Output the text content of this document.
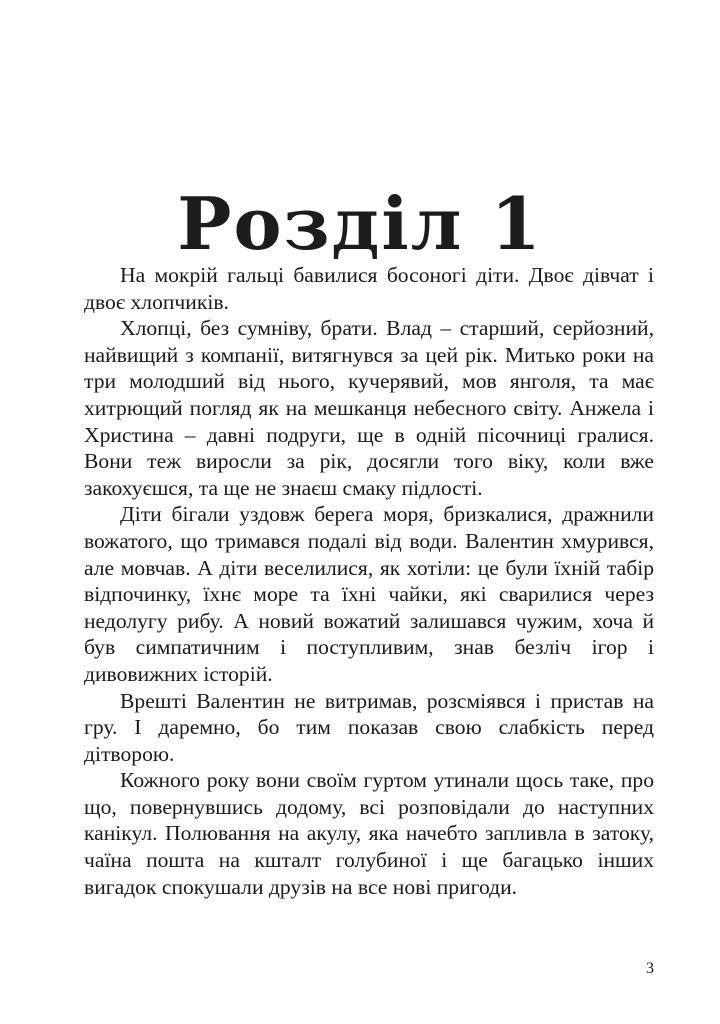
Розділ 1

На мокрій гальці бавилися босоногі діти. Двоє дівчат і двоє хлопчиків.

Хлопці, без сумніву, брати. Влад – старший, серйозний, найвищий з компанії, витягнувся за цей рік. Митько роки на три молодший від нього, кучерявий, мов янголя, та має хитрющий погляд як на мешканця небесного світу. Анжела і Христина – давні подруги, ще в одній пісочниці гралися. Вони теж виросли за рік, досягли того віку, коли вже закохуєшся, та ще не знаєш смаку підлості.

Діти бігали уздовж берега моря, бризкалися, дражнили вожатого, що тримався подалі від води. Валентин хмурився, але мовчав. А діти веселилися, як хотіли: це були їхній табір відпочинку, їхнє море та їхні чайки, які сварилися через недолугу рибу. А новий вожатий залишався чужим, хоча й був симпатичним і поступливим, знав безліч ігор і дивовижних історій.

Врешті Валентин не витримав, розсміявся і пристав на гру. І даремно, бо тим показав свою слабкість перед дітворою.

Кожного року вони своїм гуртом утинали щось таке, про що, повернувшись додому, всі розповідали до наступних канікул. Полювання на акулу, яка начебто запливла в затоку, чаїна пошта на кшталт голубиної і ще багацько інших вигадок спокушали друзів на все нові пригоди.

3
